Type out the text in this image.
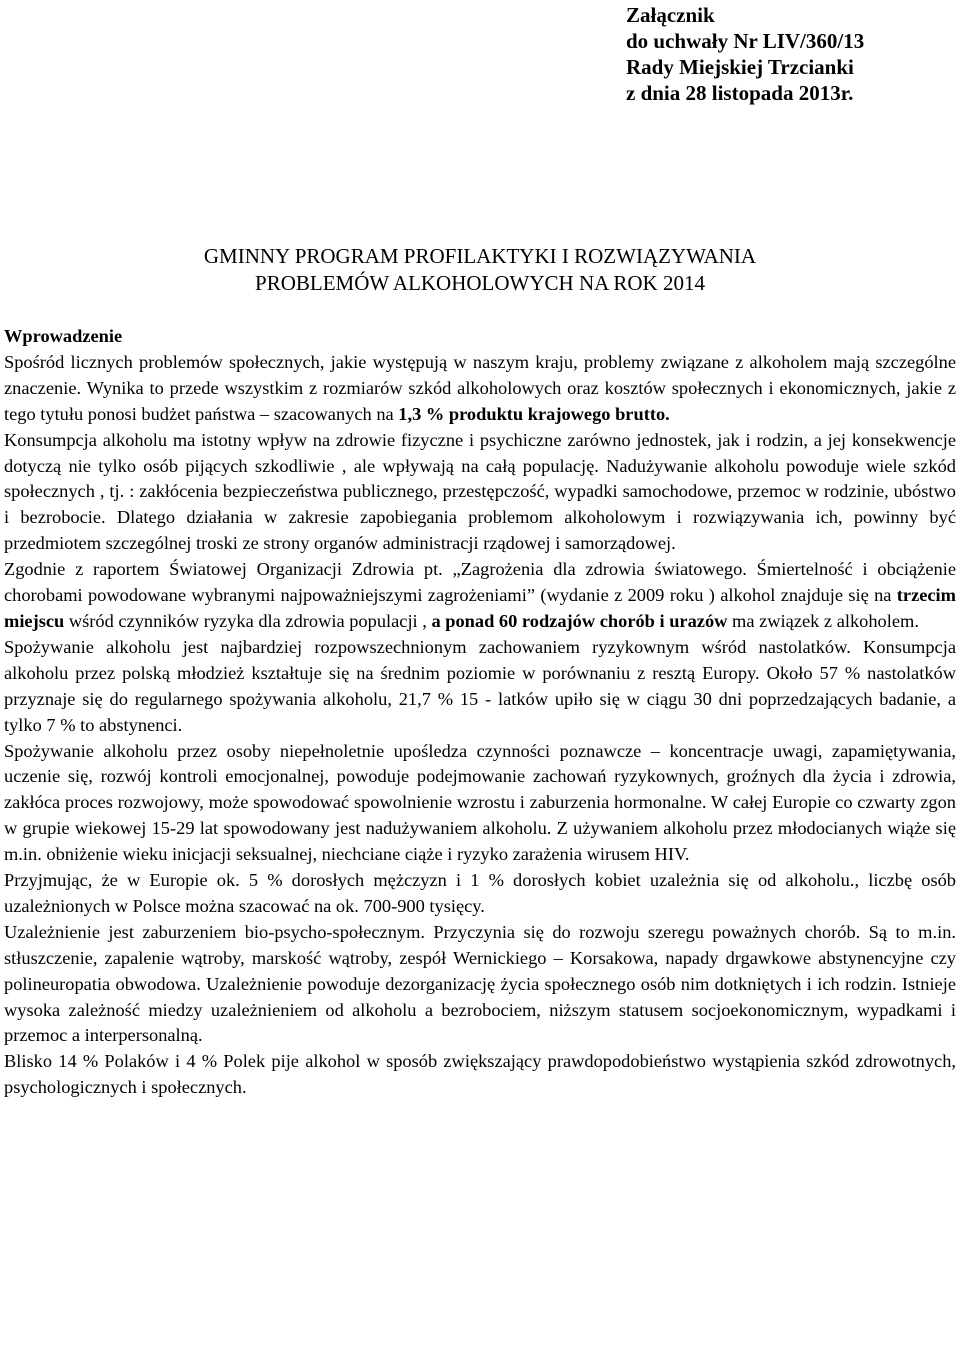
Załącznik
do uchwały Nr LIV/360/13
Rady Miejskiej Trzcianki
z dnia 28 listopada 2013r.
GMINNY PROGRAM PROFILAKTYKI I ROZWIĄZYWANIA
PROBLEMÓW ALKOHOLOWYCH NA ROK 2014
Wprowadzenie

Spośród licznych problemów społecznych, jakie występują w naszym kraju, problemy związane z alkoholem mają szczególne znaczenie. Wynika to przede wszystkim z rozmiarów szkód alkoholowych oraz kosztów społecznych i ekonomicznych, jakie z tego tytułu ponosi budżet państwa – szacowanych na 1,3 % produktu krajowego brutto.

Konsumpcja alkoholu ma istotny wpływ na zdrowie fizyczne i psychiczne zarówno jednostek, jak i rodzin, a jej konsekwencje dotyczą nie tylko osób pijących szkodliwie , ale wpływają na całą populację. Nadużywanie alkoholu powoduje wiele szkód społecznych , tj. : zakłócenia bezpieczeństwa publicznego, przestępczość, wypadki samochodowe, przemoc w rodzinie, ubóstwo i bezrobocie. Dlatego działania w zakresie zapobiegania problemom alkoholowym i rozwiązywania ich, powinny być przedmiotem szczególnej troski ze strony organów administracji rządowej i samorządowej.

Zgodnie z raportem Światowej Organizacji Zdrowia pt. „Zagrożenia dla zdrowia światowego. Śmiertelność i obciążenie chorobami powodowane wybranymi najpoważniejszymi zagrożeniami” (wydanie z 2009 roku ) alkohol znajduje się na trzecim miejscu wśród czynników ryzyka dla zdrowia populacji , a ponad 60 rodzajów chorób i urazów ma związek z alkoholem.

Spożywanie alkoholu jest najbardziej rozpowszechnionym zachowaniem ryzykownym wśród nastolatków. Konsumpcja alkoholu przez polską młodzież kształtuje się na średnim poziomie w porównaniu z resztą Europy. Około 57 % nastolatków przyznaje się do regularnego spożywania alkoholu, 21,7 % 15 - latków upiło się w ciągu 30 dni poprzedzających badanie, a tylko 7 % to abstynenci.

Spożywanie alkoholu przez osoby niepełnoletnie upośledza czynności poznawcze – koncentracje uwagi, zapamiętywania, uczenie się, rozwój kontroli emocjonalnej, powoduje podejmowanie zachowań ryzykownych, groźnych dla życia i zdrowia, zakłóca proces rozwojowy, może spowodować spowolnienie wzrostu i zaburzenia hormonalne. W całej Europie co czwarty zgon w grupie wiekowej 15-29 lat spowodowany jest nadużywaniem alkoholu. Z używaniem alkoholu przez młodocianych wiąże się m.in. obniżenie wieku inicjacji seksualnej, niechciane ciąże i ryzyko zarażenia wirusem HIV.

Przyjmując, że w Europie ok. 5 % dorosłych mężczyzn i 1 % dorosłych kobiet uzależnia się od alkoholu., liczbę osób uzależnionych w Polsce można szacować na ok. 700-900 tysięcy.

Uzależnienie jest zaburzeniem bio-psycho-społecznym. Przyczynia się do rozwoju szeregu poważnych chorób. Są to m.in. stłuszczenie, zapalenie wątroby, marskość wątroby, zespół Wernickiego – Korsakowa, napady drgawkowe abstynencyjne czy polineuropatia obwodowa. Uzależnienie powoduje dezorganizację życia społecznego osób nim dotkniętych i ich rodzin. Istnieje wysoka zależność miedzy uzależnieniem od alkoholu a bezrobociem, niższym statusem socjoekonomicznym, wypadkami i przemoc a interpersonalną.

Blisko 14 % Polaków i 4 % Polek pije alkohol w sposób zwiększający prawdopodobieństwo wystąpienia szkód zdrowotnych, psychologicznych i społecznych.
